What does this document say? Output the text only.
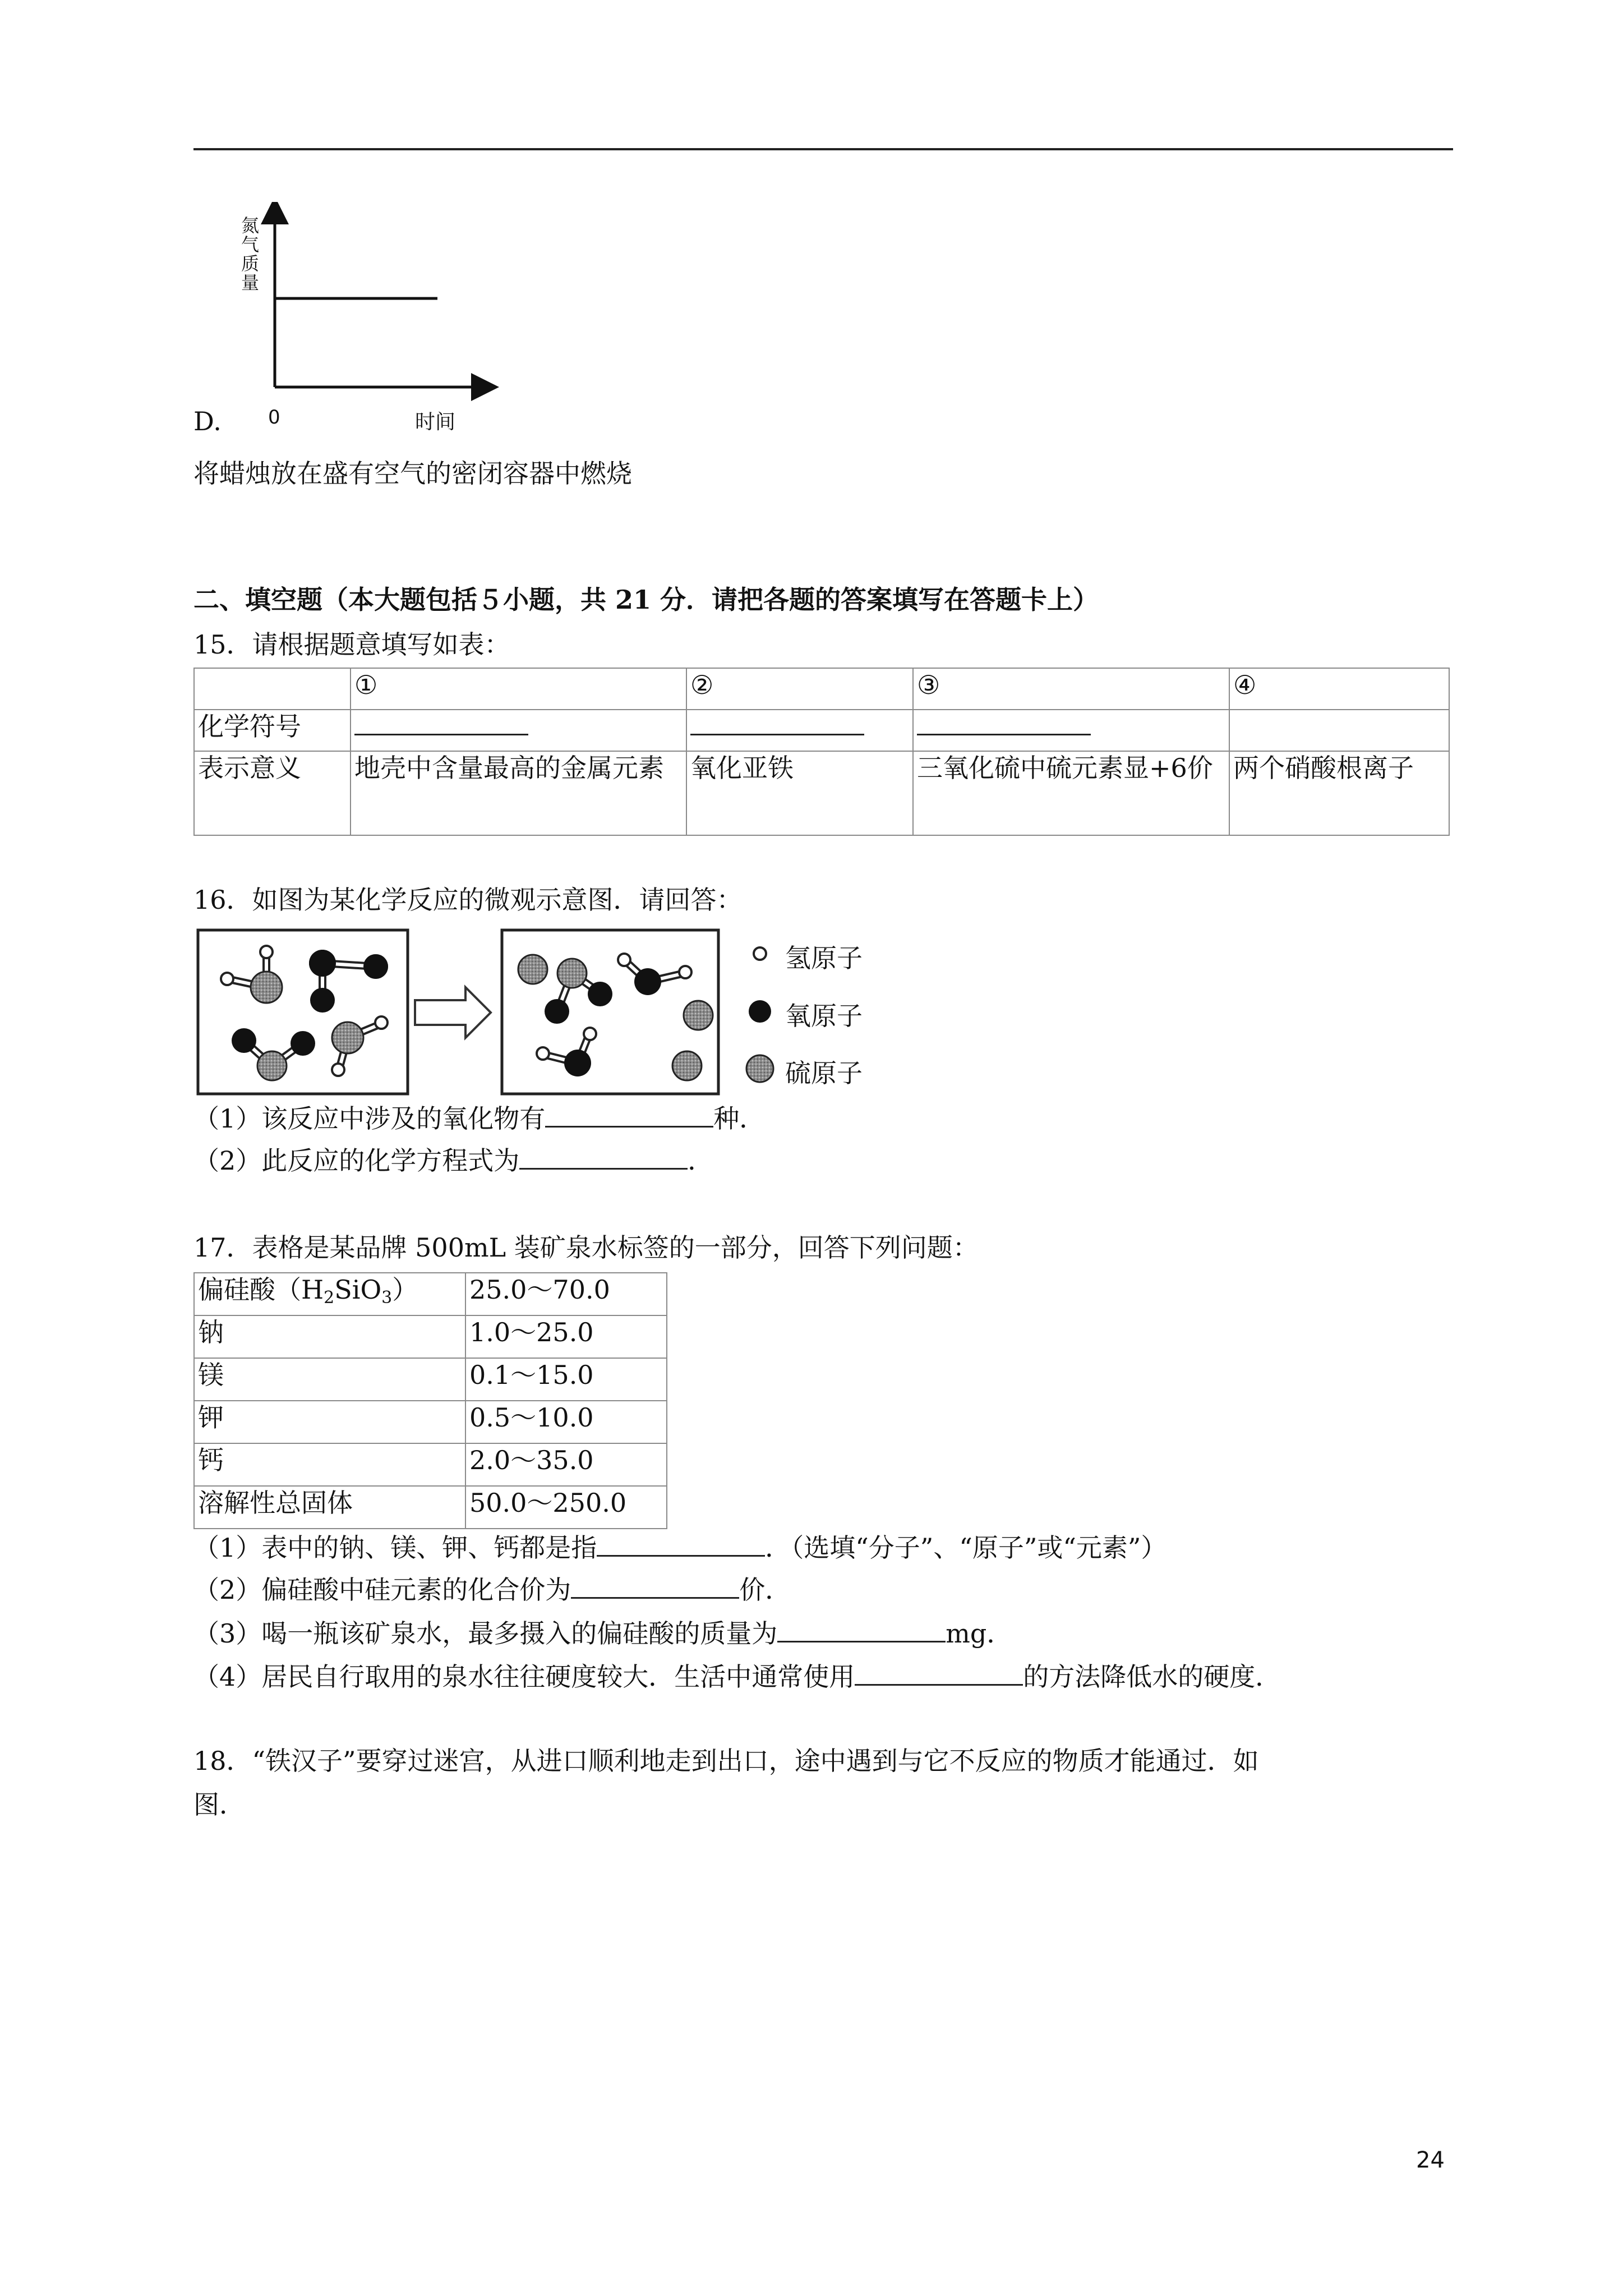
氮气质量
D. 0	时间
将蜡烛放在盛有空气的密闭容器中燃烧
二、填空题（本大题包括５小题，共 21 分．请把各题的答案填写在答题卡上）
15．请根据题意填写如表：
	①	②	③	④
化学符号				
表示意义	地壳中含量最高的金属元素	氧化亚铁	三氧化硫中硫元素显+6价	两个硝酸根离子
16．如图为某化学反应的微观示意图．请回答：
氢原子
氧原子
硫原子
（1）该反应中涉及的氧化物有	种．
（2）此反应的化学方程式为	．
17．表格是某品牌 500mL 装矿泉水标签的一部分，回答下列问题：
偏硅酸$(H_2SiO_3)$	25.0～70.0
钠	1.0～25.0
镁	0.1～15.0
钾	0.5～10.0
钙	2.0～35.0
溶解性总固体	50.0～250.0
（1）表中的钠、镁、钾、钙都是指	．（选填“分子”、“原子”或“元素”）
（2）偏硅酸中硅元素的化合价为	价．
（3）喝一瓶该矿泉水，最多摄入的偏硅酸的质量为	mg．
（4）居民自行取用的泉水往往硬度较大．生活中通常使用	的方法降低水的硬度．
18．“铁汉子”要穿过迷宫，从进口顺利地走到出口，途中遇到与它不反应的物质才能通过．如
图．
24
